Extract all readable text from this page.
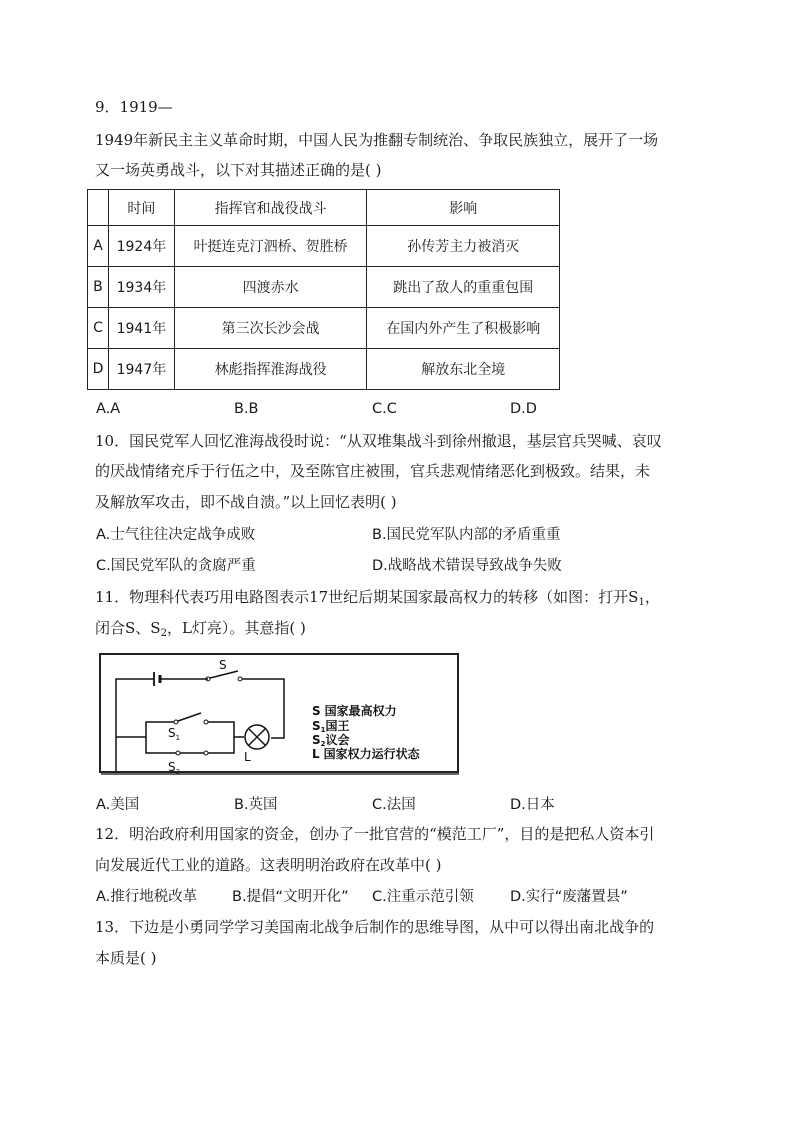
9．1919—
1949年新民主主义革命时期，中国人民为推翻专制统治、争取民族独立，展开了一场
又一场英勇战斗，以下对其描述正确的是( )
	时间	指挥官和战役战斗	影响
A	1924年	叶挺连克汀泗桥、贺胜桥	孙传芳主力被消灭
B	1934年	四渡赤水	跳出了敌人的重重包围
C	1941年	第三次长沙会战	在国内外产生了积极影响
D	1947年	林彪指挥淮海战役	解放东北全境
A.A	B.B	C.C	D.D
10．国民党军人回忆淮海战役时说：“从双堆集战斗到徐州撤退，基层官兵哭喊、哀叹
的厌战情绪充斥于行伍之中，及至陈官庄被围，官兵悲观情绪恶化到极致。结果，未
及解放军攻击，即不战自溃。”以上回忆表明( )
A.士气往往决定战争成败	B.国民党军队内部的矛盾重重
C.国民党军队的贪腐严重	D.战略战术错误导致战争失败
11．物理科代表巧用电路图表示17世纪后期某国家最高权力的转移（如图：打开$S_1$，
闭合S、$S_2$，L灯亮）。其意指( )
S
$S_1$
$S_2$
L
S 国家最高权力
S1国王
S2议会
L 国家权力运行状态
A.美国	B.英国	C.法国	D.日本
12．明治政府利用国家的资金，创办了一批官营的“模范工厂”，目的是把私人资本引
向发展近代工业的道路。这表明明治政府在改革中( )
A.推行地税改革 B.提倡“文明开化” C.注重示范引领	D.实行“废藩置县”
13．下边是小勇同学学习美国南北战争后制作的思维导图，从中可以得出南北战争的
本质是( )
